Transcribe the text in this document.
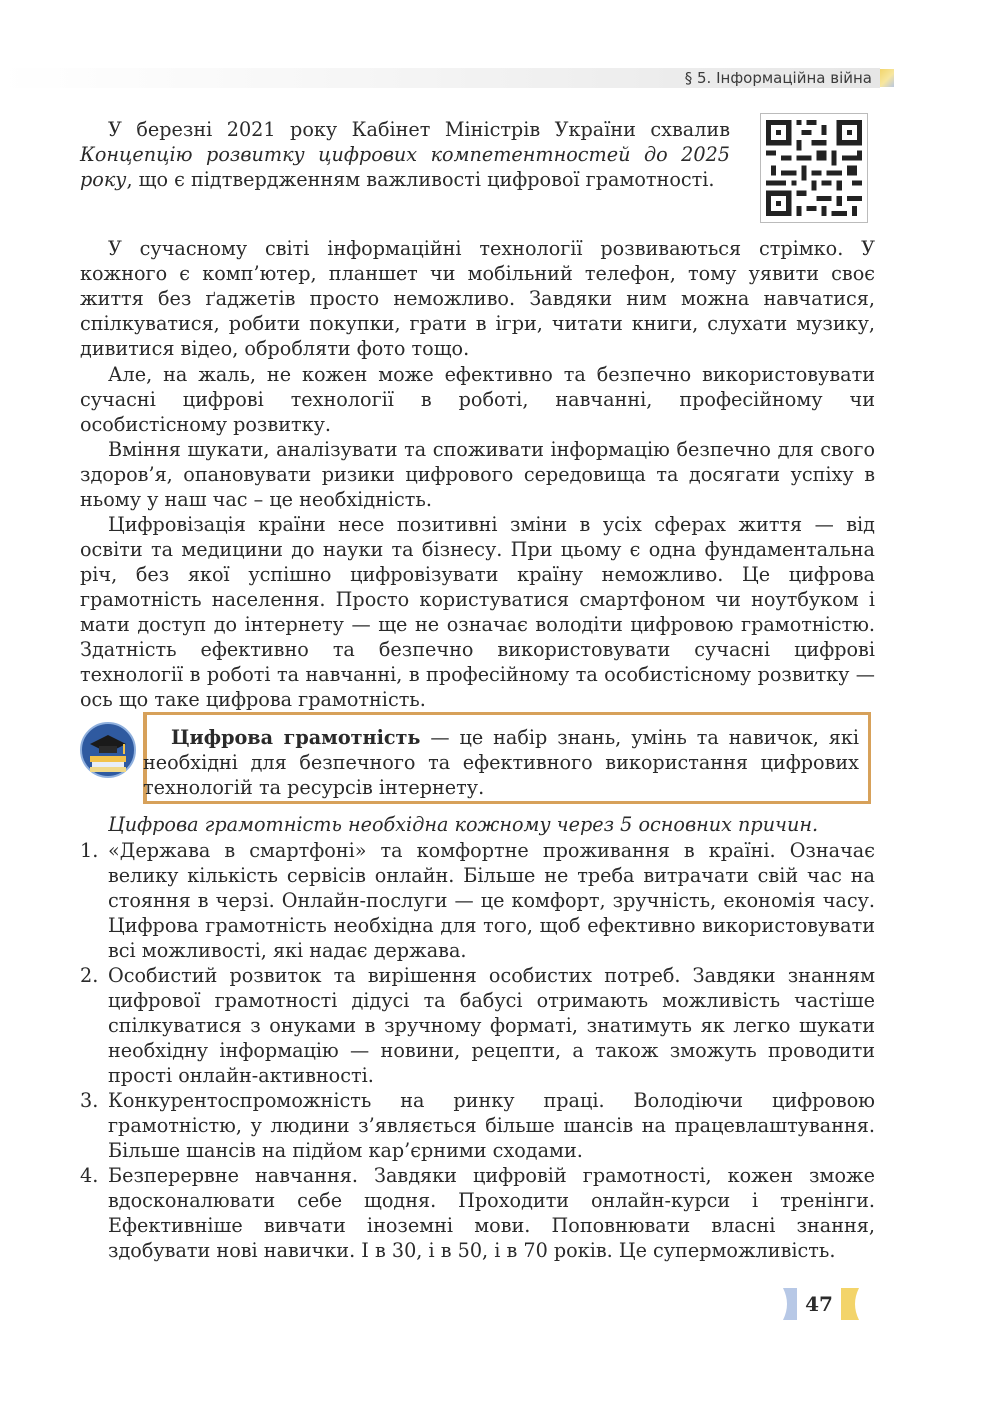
§ 5. Інформаційна війна
У березні 2021 року Кабінет Міністрів України схвалив Концепцію розвитку цифрових компетентностей до 2025 року, що є підтвердженням важливості цифрової грамотності.
У сучасному світі інформаційні технології розвиваються стрімко. У кожного є комп’ютер, планшет чи мобільний телефон, тому уявити своє життя без ґаджетів просто неможливо. Завдяки ним можна навчатися, спілкуватися, робити покупки, грати в ігри, читати книги, слухати музику, дивитися відео, обробляти фото тощо.
Але, на жаль, не кожен може ефективно та безпечно використовувати сучасні цифрові технології в роботі, навчанні, професійному чи особистісному розвитку.
Вміння шукати, аналізувати та споживати інформацію безпечно для свого здоров’я, опановувати ризики цифрового середовища та досягати успіху в ньому у наш час – це необхідність.
Цифровізація країни несе позитивні зміни в усіх сферах життя — від освіти та медицини до науки та бізнесу. При цьому є одна фундаментальна річ, без якої успішно цифровізувати країну неможливо. Це цифрова грамотність населення. Просто користуватися смартфоном чи ноутбуком і мати доступ до інтернету — ще не означає володіти цифровою грамотністю. Здатність ефективно та безпечно використовувати сучасні цифрові технології в роботі та навчанні, в професійному та особистісному розвитку — ось що таке цифрова грамотність.
Цифрова грамотність — це набір знань, умінь та навичок, які необхідні для безпечного та ефективного використання цифрових технологій та ресурсів інтернету.
Цифрова грамотність необхідна кожному через 5 основних причин.
1. «Держава в смартфоні» та комфортне проживання в країні. Означає велику кількість сервісів онлайн. Більше не треба витрачати свій час на стояння в черзі. Онлайн-послуги — це комфорт, зручність, економія часу. Цифрова грамотність необхідна для того, щоб ефективно використовувати всі можливості, які надає держава.
2. Особистий розвиток та вирішення особистих потреб. Завдяки знанням цифрової грамотності дідусі та бабусі отримають можливість частіше спілкуватися з онуками в зручному форматі, знатимуть як легко шукати необхідну інформацію — новини, рецепти, а також зможуть проводити прості онлайн-активності.
3. Конкурентоспроможність на ринку праці. Володіючи цифровою грамотністю, у людини з’являється більше шансів на працевлаштування. Більше шансів на підйом кар’єрними сходами.
4. Безперервне навчання. Завдяки цифровій грамотності, кожен зможе вдосконалювати себе щодня. Проходити онлайн-курси і тренінги. Ефективніше вивчати іноземні мови. Поповнювати власні знання, здобувати нові навички. І в 30, і в 50, і в 70 років. Це суперможливість.
47
